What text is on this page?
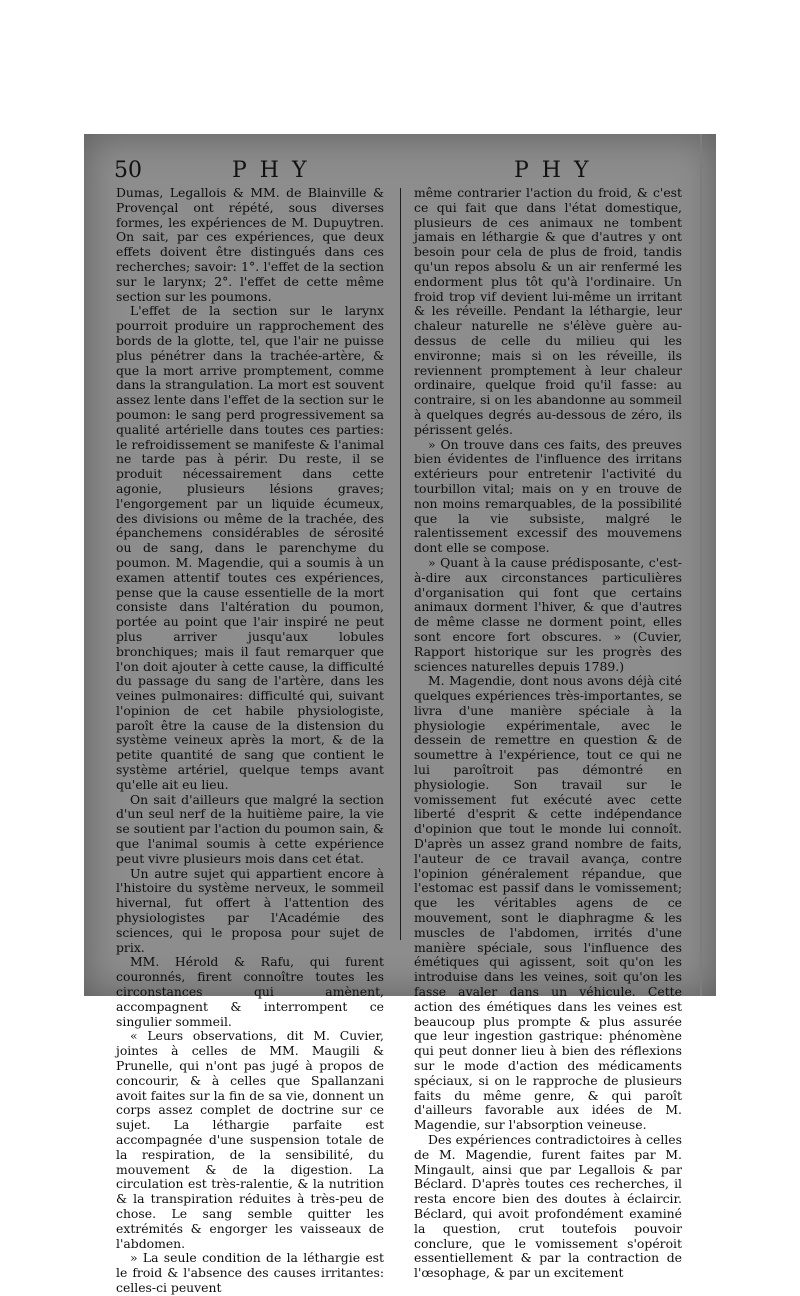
50	P H Y	P H Y

Dumas, Legallois & MM. de Blainville & Provençal ont répété, sous diverses formes, les expériences de M. Dupuytren. On sait, par ces expériences, que deux effets doivent être distingués dans ces recherches; savoir: 1°. l'effet de la section sur le larynx; 2°. l'effet de cette même section sur les poumons.

L'effet de la section sur le larynx pourroit produire un rapprochement des bords de la glotte, tel, que l'air ne puisse plus pénétrer dans la trachée-artère, & que la mort arrive promptement, comme dans la strangulation. La mort est souvent assez lente dans l'effet de la section sur le poumon: le sang perd progressivement sa qualité artérielle dans toutes ces parties: le refroidissement se manifeste & l'animal ne tarde pas à périr. Du reste, il se produit nécessairement dans cette agonie, plusieurs lésions graves; l'engorgement par un liquide écumeux, des divisions ou même de la trachée, des épanchemens considérables de sérosité ou de sang, dans le parenchyme du poumon. M. Magendie, qui a soumis à un examen attentif toutes ces expériences, pense que la cause essentielle de la mort consiste dans l'altération du poumon, portée au point que l'air inspiré ne peut plus arriver jusqu'aux lobules bronchiques; mais il faut remarquer que l'on doit ajouter à cette cause, la difficulté du passage du sang de l'artère, dans les veines pulmonaires: difficulté qui, suivant l'opinion de cet habile physiologiste, paroît être la cause de la distension du système veineux après la mort, & de la petite quantité de sang que contient le système artériel, quelque temps avant qu'elle ait eu lieu.

On sait d'ailleurs que malgré la section d'un seul nerf de la huitième paire, la vie se soutient par l'action du poumon sain, & que l'animal soumis à cette expérience peut vivre plusieurs mois dans cet état.

Un autre sujet qui appartient encore à l'histoire du système nerveux, le sommeil hivernal, fut offert à l'attention des physiologistes par l'Académie des sciences, qui le proposa pour sujet de prix.

MM. Hérold & Rafu, qui furent couronnés, firent connoître toutes les circonstances qui amènent, accompagnent & interrompent ce singulier sommeil.

« Leurs observations, dit M. Cuvier, jointes à celles de MM. Maugili & Prunelle, qui n'ont pas jugé à propos de concourir, & à celles que Spallanzani avoit faites sur la fin de sa vie, donnent un corps assez complet de doctrine sur ce sujet. La léthargie parfaite est accompagnée d'une suspension totale de la respiration, de la sensibilité, du mouvement & de la digestion. La circulation est très-ralentie, & la nutrition & la transpiration réduites à très-peu de chose. Le sang semble quitter les extrémités & engorger les vaisseaux de l'abdomen.

» La seule condition de la léthargie est le froid & l'absence des causes irritantes: celles-ci peuvent

même contrarier l'action du froid, & c'est ce qui fait que dans l'état domestique, plusieurs de ces animaux ne tombent jamais en léthargie & que d'autres y ont besoin pour cela de plus de froid, tandis qu'un repos absolu & un air renfermé les endorment plus tôt qu'à l'ordinaire. Un froid trop vif devient lui-même un irritant & les réveille. Pendant la léthargie, leur chaleur naturelle ne s'élève guère au-dessus de celle du milieu qui les environne; mais si on les réveille, ils reviennent promptement à leur chaleur ordinaire, quelque froid qu'il fasse: au contraire, si on les abandonne au sommeil à quelques degrés au-dessous de zéro, ils périssent gelés.

» On trouve dans ces faits, des preuves bien évidentes de l'influence des irritans extérieurs pour entretenir l'activité du tourbillon vital; mais on y en trouve de non moins remarquables, de la possibilité que la vie subsiste, malgré le ralentissement excessif des mouvemens dont elle se compose.

» Quant à la cause prédisposante, c'est-à-dire aux circonstances particulières d'organisation qui font que certains animaux dorment l'hiver, & que d'autres de même classe ne dorment point, elles sont encore fort obscures. » (Cuvier, Rapport historique sur les progrès des sciences naturelles depuis 1789.)

M. Magendie, dont nous avons déjà cité quelques expériences très-importantes, se livra d'une manière spéciale à la physiologie expérimentale, avec le dessein de remettre en question & de soumettre à l'expérience, tout ce qui ne lui paroîtroit pas démontré en physiologie. Son travail sur le vomissement fut exécuté avec cette liberté d'esprit & cette indépendance d'opinion que tout le monde lui connoît. D'après un assez grand nombre de faits, l'auteur de ce travail avança, contre l'opinion généralement répandue, que l'estomac est passif dans le vomissement; que les véritables agens de ce mouvement, sont le diaphragme & les muscles de l'abdomen, irrités d'une manière spéciale, sous l'influence des émétiques qui agissent, soit qu'on les introduise dans les veines, soit qu'on les fasse avaler dans un véhicule. Cette action des émétiques dans les veines est beaucoup plus prompte & plus assurée que leur ingestion gastrique: phénomène qui peut donner lieu à bien des réflexions sur le mode d'action des médicaments spéciaux, si on le rapproche de plusieurs faits du même genre, & qui paroît d'ailleurs favorable aux idées de M. Magendie, sur l'absorption veineuse.

Des expériences contradictoires à celles de M. Magendie, furent faites par M. Mingault, ainsi que par Legallois & par Béclard. D'après toutes ces recherches, il resta encore bien des doutes à éclaircir. Béclard, qui avoit profondément examiné la question, crut toutefois pouvoir conclure, que le vomissement s'opéroit essentiellement & par la contraction de l'œsophage, & par un excitement
